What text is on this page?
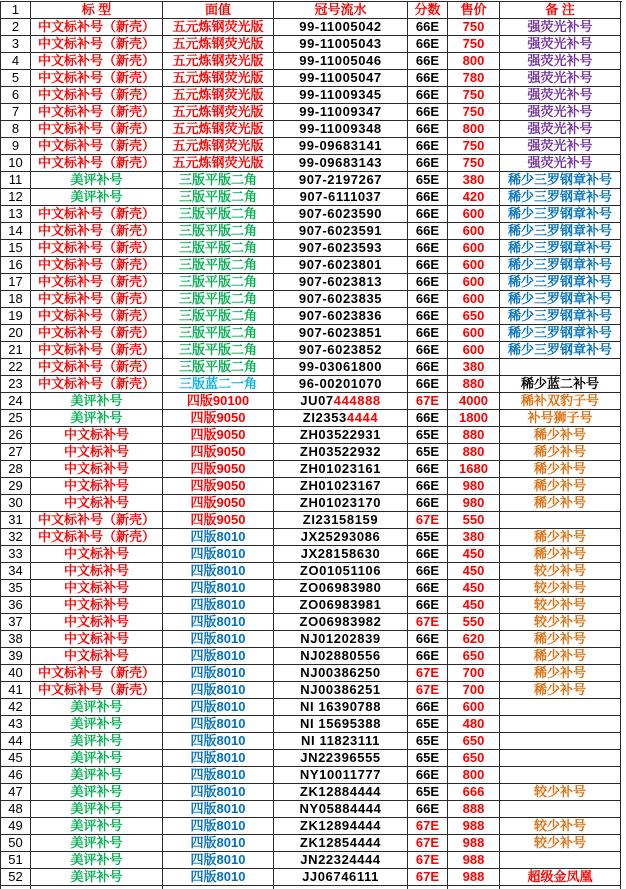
1	标 型	面值	冠号流水	分数	售价	备 注
2	中文标补号（新壳）	五元炼钢荧光版	99-11005042	66E	750	强荧光补号
3	中文标补号（新壳）	五元炼钢荧光版	99-11005043	66E	750	强荧光补号
4	中文标补号（新壳）	五元炼钢荧光版	99-11005046	66E	800	强荧光补号
5	中文标补号（新壳）	五元炼钢荧光版	99-11005047	66E	780	强荧光补号
6	中文标补号（新壳）	五元炼钢荧光版	99-11009345	66E	750	强荧光补号
7	中文标补号（新壳）	五元炼钢荧光版	99-11009347	66E	750	强荧光补号
8	中文标补号（新壳）	五元炼钢荧光版	99-11009348	66E	800	强荧光补号
9	中文标补号（新壳）	五元炼钢荧光版	99-09683141	66E	750	强荧光补号
10	中文标补号（新壳）	五元炼钢荧光版	99-09683143	66E	750	强荧光补号
11	美评补号	三版平版二角	907-2197267	65E	380	稀少三罗钢章补号
12	美评补号	三版平版二角	907-6111037	66E	420	稀少三罗钢章补号
13	中文标补号（新壳）	三版平版二角	907-6023590	66E	600	稀少三罗钢章补号
14	中文标补号（新壳）	三版平版二角	907-6023591	66E	600	稀少三罗钢章补号
15	中文标补号（新壳）	三版平版二角	907-6023593	66E	600	稀少三罗钢章补号
16	中文标补号（新壳）	三版平版二角	907-6023801	66E	600	稀少三罗钢章补号
17	中文标补号（新壳）	三版平版二角	907-6023813	66E	600	稀少三罗钢章补号
18	中文标补号（新壳）	三版平版二角	907-6023835	66E	600	稀少三罗钢章补号
19	中文标补号（新壳）	三版平版二角	907-6023836	66E	650	稀少三罗钢章补号
20	中文标补号（新壳）	三版平版二角	907-6023851	66E	600	稀少三罗钢章补号
21	中文标补号（新壳）	三版平版二角	907-6023852	66E	600	稀少三罗钢章补号
22	中文标补号（新壳）	三版平版二角	99-03061800	66E	380
23	中文标补号（新壳）	三版蓝二一角	96-00201070	66E	880	稀少蓝二补号
24	美评补号	四版90100	JU07444888	67E	4000	稀补双豹子号
25	美评补号	四版9050	ZI23534444	66E	1800	补号狮子号
26	中文标补号	四版9050	ZH03522931	65E	880	稀少补号
27	中文标补号	四版9050	ZH03522932	65E	880	稀少补号
28	中文标补号	四版9050	ZH01023161	66E	1680	稀少补号
29	中文标补号	四版9050	ZH01023167	66E	980	稀少补号
30	中文标补号	四版9050	ZH01023170	66E	980	稀少补号
31	中文标补号（新壳）	四版9050	ZI23158159	67E	550
32	中文标补号（新壳）	四版8010	JX25293086	65E	380	稀少补号
33	中文标补号	四版8010	JX28158630	66E	450	稀少补号
34	中文标补号	四版8010	ZO01051106	66E	450	较少补号
35	中文标补号	四版8010	ZO06983980	66E	450	较少补号
36	中文标补号	四版8010	ZO06983981	66E	450	较少补号
37	中文标补号	四版8010	ZO06983982	67E	550	较少补号
38	中文标补号	四版8010	NJ01202839	66E	620	稀少补号
39	中文标补号	四版8010	NJ02880556	66E	650	稀少补号
40	中文标补号（新壳）	四版8010	NJ00386250	67E	700	稀少补号
41	中文标补号（新壳）	四版8010	NJ00386251	67E	700	稀少补号
42	美评补号	四版8010	NI 16390788	66E	600
43	美评补号	四版8010	NI 15695388	65E	480
44	美评补号	四版8010	NI 11823111	65E	650
45	美评补号	四版8010	JN22396555	65E	650
46	美评补号	四版8010	NY10011777	66E	800
47	美评补号	四版8010	ZK12884444	65E	666	较少补号
48	美评补号	四版8010	NY05884444	66E	888
49	美评补号	四版8010	ZK12894444	67E	988	较少补号
50	美评补号	四版8010	ZK12854444	67E	988	较少补号
51	美评补号	四版8010	JN22324444	67E	988
52	美评补号	四版8010	JJ06746111	67E	988	超级金凤凰
